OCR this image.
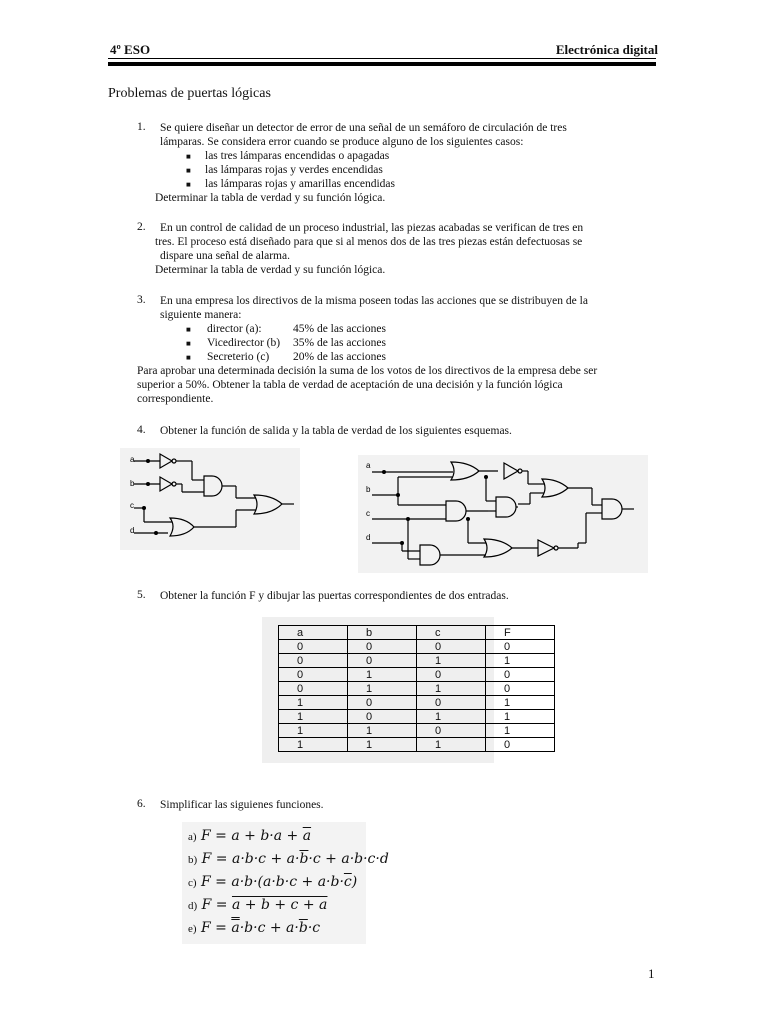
4º ESO	Electrónica digital
Problemas de puertas lógicas
1. Se quiere diseñar un detector de error de una señal de un semáforo de circulación de tres
lámparas. Se considera error cuando se produce alguno de los siguientes casos:
■ las tres lámparas encendidas o apagadas
■ las lámparas rojas y verdes encendidas
■ las lámparas rojas y amarillas encendidas
Determinar la tabla de verdad y su función lógica.
2. En un control de calidad de un proceso industrial, las piezas acabadas se verifican de tres en
tres. El proceso está diseñado para que si al menos dos de las tres piezas están defectuosas se
dispare una señal de alarma.
Determinar la tabla de verdad y su función lógica.
3. En una empresa los directivos de la misma poseen todas las acciones que se distribuyen de la
siguiente manera:
■ director (a):	45% de las acciones
■ Vicedirector (b) 35% de las acciones
■ Secreterio (c) 20% de las acciones
Para aprobar una determinada decisión la suma de los votos de los directivos de la empresa debe ser
superior a 50%. Obtener la tabla de verdad de aceptación de una decisión y la función lógica
correspondiente.
4. Obtener la función de salida y la tabla de verdad de los siguientes esquemas.
a
b
c
d
a
b
c
d
5. Obtener la función F y dibujar las puertas correspondientes de dos entradas.
a	b	c	F
0	0	0	0
0	0	1	1
0	1	0	0
0	1	1	0
1	0	0	1
1	0	1	1
1	1	0	1
1	1	1	0
6. Simplificar las siguienes funciones.
a) $F = a + b\cdot a + \overline{a}$
b) $F = a\cdot b\cdot c + a\cdot\overline{b}\cdot c + a\cdot b\cdot c\cdot d$
c) $F = a\cdot b\cdot(a\cdot b\cdot c + a\cdot b\cdot\overline{c})$
d) F = a + b + c + a
e) $F = a\cdot b\cdot c + a\cdot\overline{b}\cdot c$
1
